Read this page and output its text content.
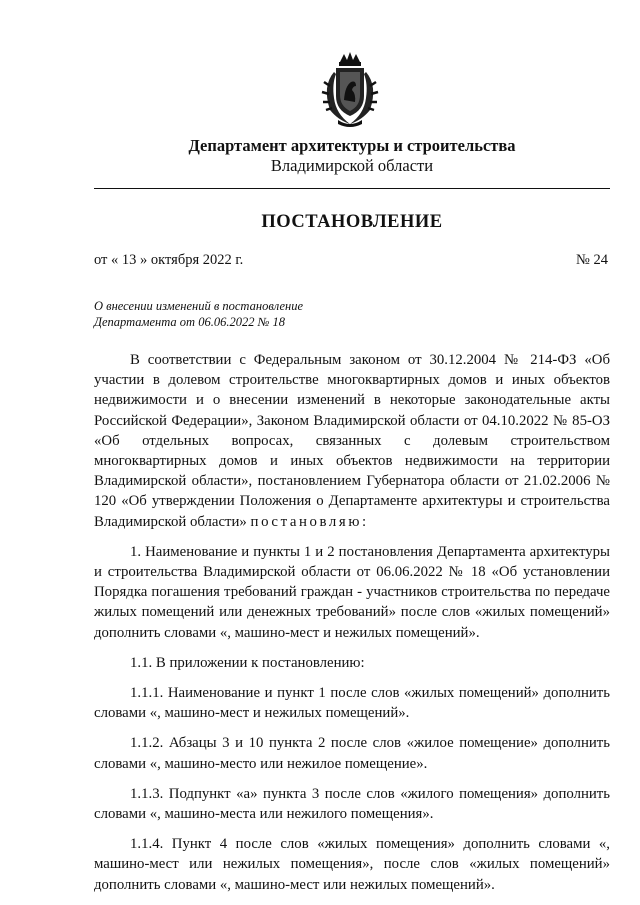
Департамент архитектуры и строительства
Владимирской области
ПОСТАНОВЛЕНИЕ
от « 13 » октября 2022 г.	№ 24
О внесении изменений в постановление
Департамента от 06.06.2022 № 18

В соответствии с Федеральным законом от 30.12.2004 № 214-ФЗ «Об участии в долевом строительстве многоквартирных домов и иных объектов недвижимости и о внесении изменений в некоторые законодательные акты Российской Федерации», Законом Владимирской области от 04.10.2022 № 85-ОЗ «Об отдельных вопросах, связанных с долевым строительством многоквартирных домов и иных объектов недвижимости на территории Владимирской области», постановлением Губернатора области от 21.02.2006 № 120 «Об утверждении Положения о Департаменте архитектуры и строительства Владимирской области» постановляю:

1. Наименование и пункты 1 и 2 постановления Департамента архитектуры и строительства Владимирской области от 06.06.2022 № 18 «Об установлении Порядка погашения требований граждан - участников строительства по передаче жилых помещений или денежных требований» после слов «жилых помещений» дополнить словами «, машино-мест и нежилых помещений».

1.1. В приложении к постановлению:

1.1.1. Наименование и пункт 1 после слов «жилых помещений» дополнить словами «, машино-мест и нежилых помещений».

1.1.2. Абзацы 3 и 10 пункта 2 после слов «жилое помещение» дополнить словами «, машино-место или нежилое помещение».

1.1.3. Подпункт «а» пункта 3 после слов «жилого помещения» дополнить словами «, машино-места или нежилого помещения».

1.1.4. Пункт 4 после слов «жилых помещения» дополнить словами «, машино-мест или нежилых помещения», после слов «жилых помещений» дополнить словами «, машино-мест или нежилых помещений».
